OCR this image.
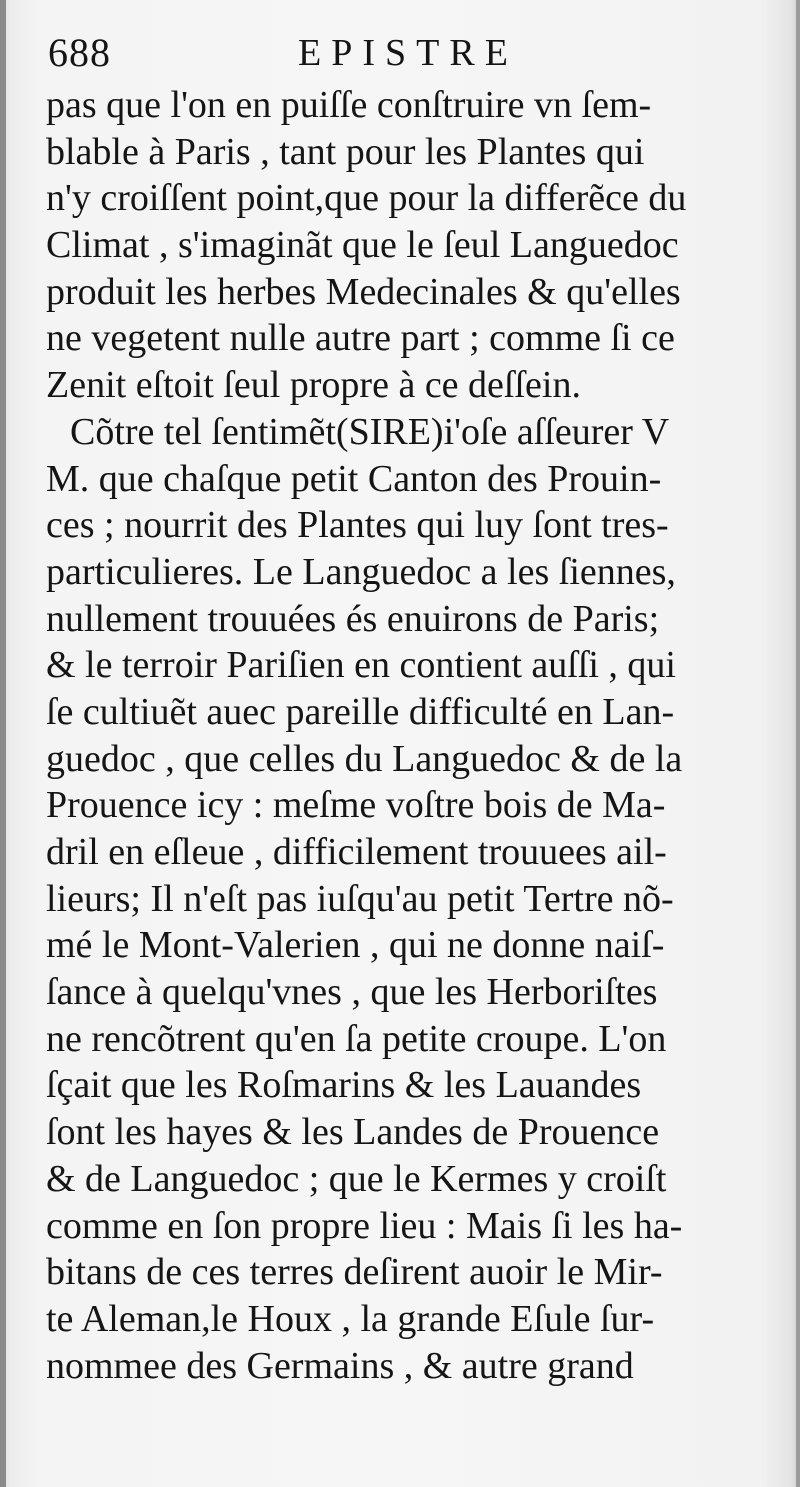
688	EPISTRE
pas que l'on en puiſſe conſtruire vn ſem-
blable à Paris , tant pour les Plantes qui
n'y croiſſent point,que pour la differẽce du
Climat , s'imaginãt que le ſeul Languedoc
produit les herbes Medecinales & qu'elles
ne vegetent nulle autre part ; comme ſi ce
Zenit eſtoit ſeul propre à ce deſſein.
Cõtre tel ſentimẽt(SIRE)i'oſe aſſeurer V
M. que chaſque petit Canton des Prouin-
ces ; nourrit des Plantes qui luy ſont tres-
particulieres. Le Languedoc a les ſiennes,
nullement trouuées és enuirons de Paris;
& le terroir Pariſien en contient auſſi , qui
ſe cultiuẽt auec pareille difficulté en Lan-
guedoc , que celles du Languedoc & de la
Prouence icy : meſme voſtre bois de Ma-
dril en eſleue , difficilement trouuees ail-
lieurs; Il n'eſt pas iuſqu'au petit Tertre nõ-
mé le Mont-Valerien , qui ne donne naiſ-
ſance à quelqu'vnes , que les Herboriſtes
ne rencõtrent qu'en ſa petite croupe. L'on
ſçait que les Roſmarins & les Lauandes
ſont les hayes & les Landes de Prouence
& de Languedoc ; que le Kermes y croiſt
comme en ſon propre lieu : Mais ſi les ha-
bitans de ces terres deſirent auoir le Mir-
te Aleman,le Houx , la grande Eſule ſur-
nommee des Germains , & autre grand
